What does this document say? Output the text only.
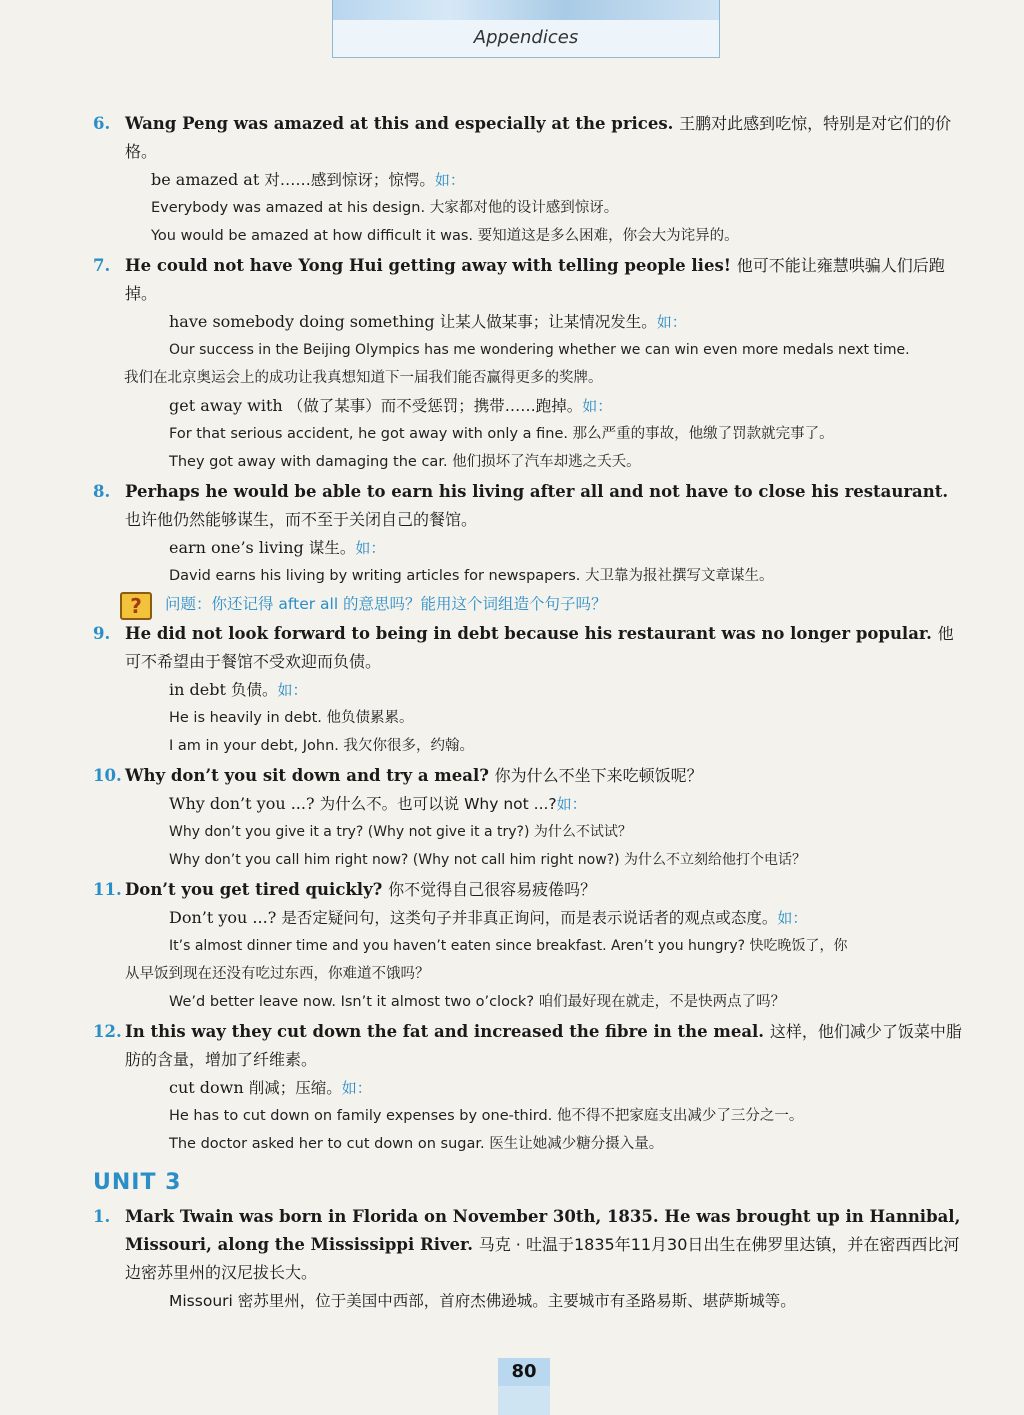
Appendices
6. Wang Peng was amazed at this and especially at the prices. 王鹏对此感到吃惊，特别是对它们的价格。
be amazed at 对……感到惊讶；惊愕。如：
Everybody was amazed at his design. 大家都对他的设计感到惊讶。
You would be amazed at how difficult it was. 要知道这是多么困难，你会大为诧异的。
7. He could not have Yong Hui getting away with telling people lies! 他可不能让雍慧哄骗人们后跑掉。
have somebody doing something 让某人做某事；让某情况发生。如：
Our success in the Beijing Olympics has me wondering whether we can win even more medals next time.
我们在北京奥运会上的成功让我真想知道下一届我们能否赢得更多的奖牌。
get away with （做了某事）而不受惩罚；携带……跑掉。如：
For that serious accident, he got away with only a fine. 那么严重的事故，他缴了罚款就完事了。
They got away with damaging the car. 他们损坏了汽车却逃之夭夭。
8. Perhaps he would be able to earn his living after all and not have to close his restaurant. 也许他仍然能够谋生，而不至于关闭自己的餐馆。
earn one’s living 谋生。如：
David earns his living by writing articles for newspapers. 大卫靠为报社撰写文章谋生。
?	问题：你还记得 after all 的意思吗？能用这个词组造个句子吗？
9. He did not look forward to being in debt because his restaurant was no longer popular. 他可不希望由于餐馆不受欢迎而负债。
in debt 负债。如：
He is heavily in debt. 他负债累累。
I am in your debt, John. 我欠你很多，约翰。
10. Why don’t you sit down and try a meal? 你为什么不坐下来吃顿饭呢？
Why don’t you ...? 为什么不。也可以说 Why not ...?如：
Why don’t you give it a try? (Why not give it a try?) 为什么不试试？
Why don’t you call him right now? (Why not call him right now?) 为什么不立刻给他打个电话？
11. Don’t you get tired quickly? 你不觉得自己很容易疲倦吗？
Don’t you ...? 是否定疑问句，这类句子并非真正询问，而是表示说话者的观点或态度。如：
It’s almost dinner time and you haven’t eaten since breakfast. Aren’t you hungry? 快吃晚饭了，你
从早饭到现在还没有吃过东西，你难道不饿吗？
We’d better leave now. Isn’t it almost two o’clock? 咱们最好现在就走，不是快两点了吗？
12. In this way they cut down the fat and increased the fibre in the meal. 这样，他们减少了饭菜中脂肪的含量，增加了纤维素。
cut down 削减；压缩。如：
He has to cut down on family expenses by one-third. 他不得不把家庭支出减少了三分之一。
The doctor asked her to cut down on sugar. 医生让她减少糖分摄入量。
UNIT 3
1. Mark Twain was born in Florida on November 30th, 1835. He was brought up in Hannibal, Missouri, along the Mississippi River. 马克 · 吐温于1835年11月30日出生在佛罗里达镇，并在密西西比河边密苏里州的汉尼拔长大。
Missouri 密苏里州，位于美国中西部，首府杰佛逊城。主要城市有圣路易斯、堪萨斯城等。
80
